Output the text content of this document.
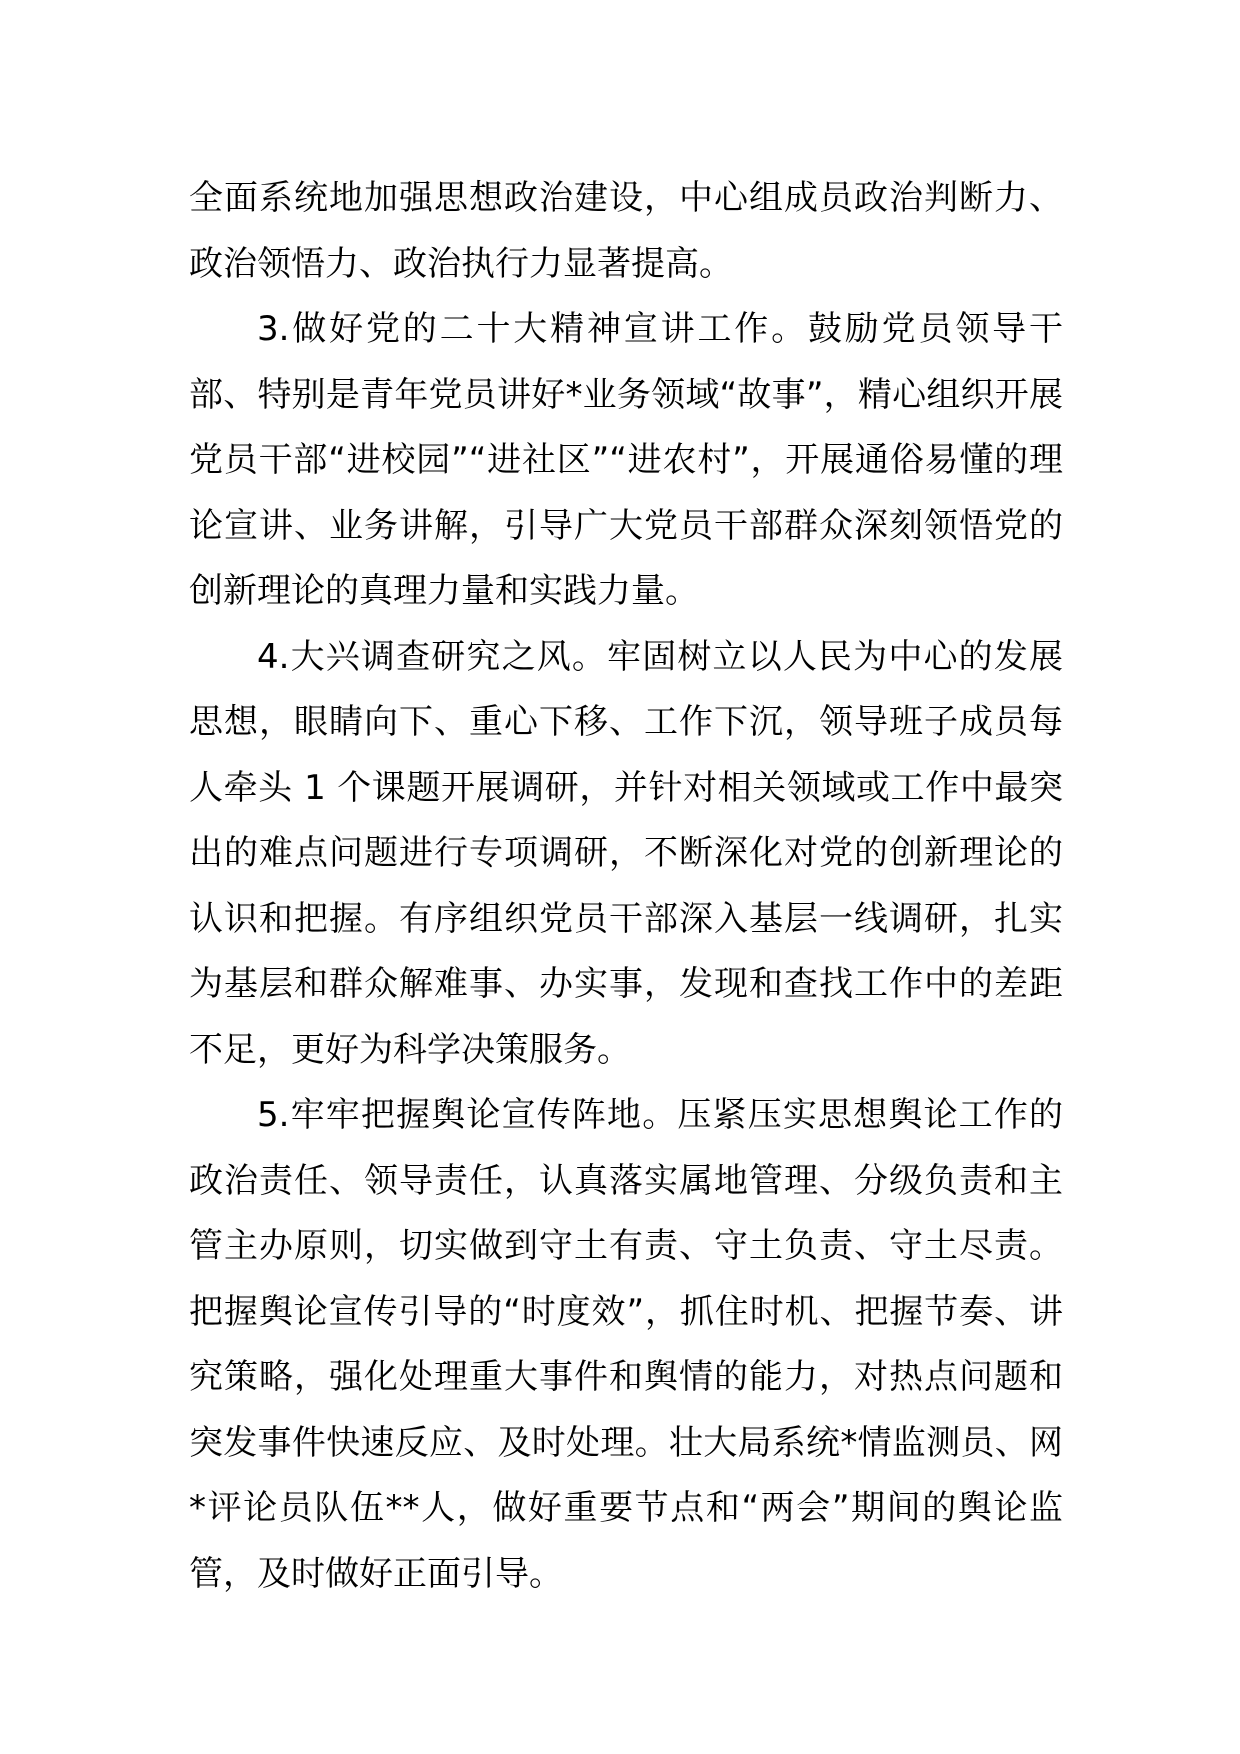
全面系统地加强思想政治建设，中心组成员政治判断力、政治领悟力、政治执行力显著提高。

3.做好党的二十大精神宣讲工作。鼓励党员领导干部、特别是青年党员讲好*业务领域“故事”，精心组织开展党员干部“进校园”“进社区”“进农村”，开展通俗易懂的理论宣讲、业务讲解，引导广大党员干部群众深刻领悟党的创新理论的真理力量和实践力量。

4.大兴调查研究之风。牢固树立以人民为中心的发展思想，眼睛向下、重心下移、工作下沉，领导班子成员每人牵头 1 个课题开展调研，并针对相关领域或工作中最突出的难点问题进行专项调研，不断深化对党的创新理论的认识和把握。有序组织党员干部深入基层一线调研，扎实为基层和群众解难事、办实事，发现和查找工作中的差距不足，更好为科学决策服务。

5.牢牢把握舆论宣传阵地。压紧压实思想舆论工作的政治责任、领导责任，认真落实属地管理、分级负责和主管主办原则，切实做到守土有责、守土负责、守土尽责。把握舆论宣传引导的“时度效”，抓住时机、把握节奏、讲究策略，强化处理重大事件和舆情的能力，对热点问题和突发事件快速反应、及时处理。壮大局系统*情监测员、网*评论员队伍**人，做好重要节点和“两会”期间的舆论监管，及时做好正面引导。
